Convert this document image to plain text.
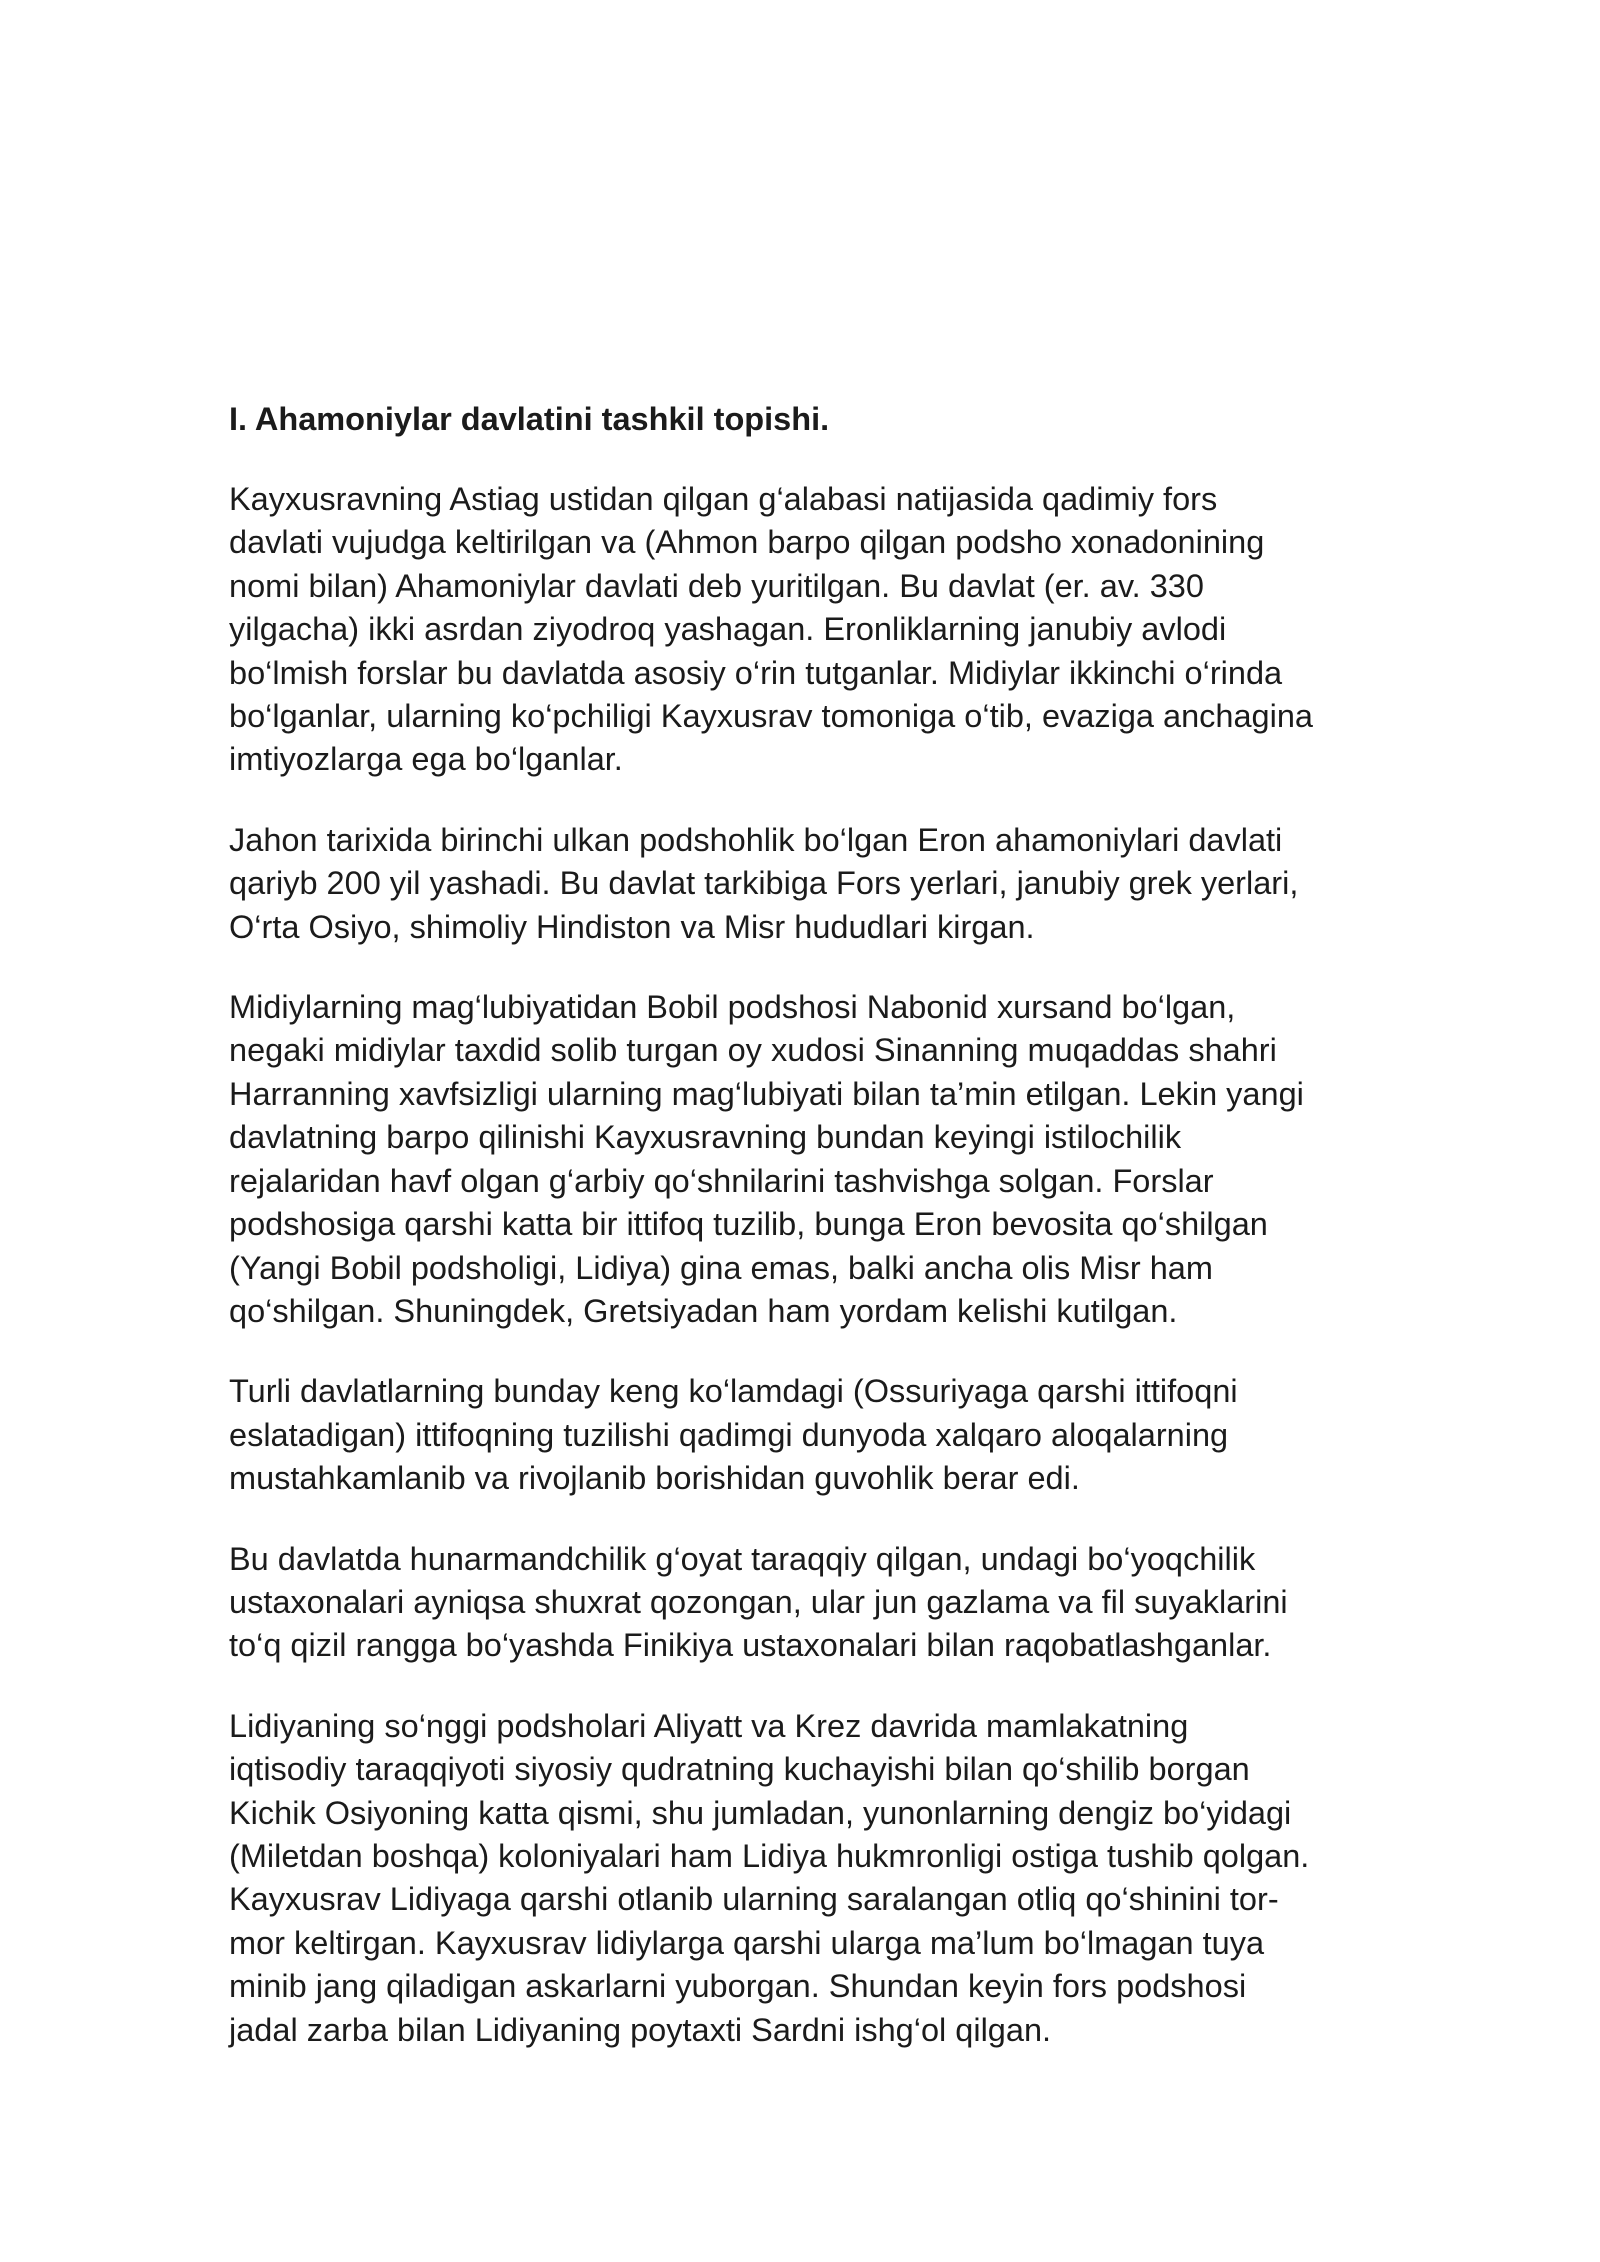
I. Ahamoniylar davlatini tashkil topishi.
Kayxusravning Astiag ustidan qilgan g‘alabasi natijasida qadimiy fors
davlati vujudga keltirilgan va (Ahmon barpo qilgan podsho xonadonining
nomi bilan) Ahamoniylar davlati deb yuritilgan. Bu davlat (er. av. 330
yilgacha) ikki asrdan ziyodroq yashagan. Eronliklarning janubiy avlodi
bo‘lmish forslar bu davlatda asosiy o‘rin tutganlar. Midiylar ikkinchi o‘rinda
bo‘lganlar, ularning ko‘pchiligi Kayxusrav tomoniga o‘tib, evaziga anchagina
imtiyozlarga ega bo‘lganlar.
Jahon tarixida birinchi ulkan podshohlik bo‘lgan Eron ahamoniylari davlati
qariyb 200 yil yashadi. Bu davlat tarkibiga Fors yerlari, janubiy grek yerlari,
O‘rta Osiyo, shimoliy Hindiston va Misr hududlari kirgan.
Midiylarning mag‘lubiyatidan Bobil podshosi Nabonid xursand bo‘lgan,
negaki midiylar taxdid solib turgan oy xudosi Sinanning muqaddas shahri
Harranning xavfsizligi ularning mag‘lubiyati bilan ta’min etilgan. Lekin yangi
davlatning barpo qilinishi Kayxusravning bundan keyingi istilochilik
rejalaridan havf olgan g‘arbiy qo‘shnilarini tashvishga solgan. Forslar
podshosiga qarshi katta bir ittifoq tuzilib, bunga Eron bevosita qo‘shilgan
(Yangi Bobil podsholigi, Lidiya) gina emas, balki ancha olis Misr ham
qo‘shilgan. Shuningdek, Gretsiyadan ham yordam kelishi kutilgan.
Turli davlatlarning bunday keng ko‘lamdagi (Ossuriyaga qarshi ittifoqni
eslatadigan) ittifoqning tuzilishi qadimgi dunyoda xalqaro aloqalarning
mustahkamlanib va rivojlanib borishidan guvohlik berar edi.
Bu davlatda hunarmandchilik g‘oyat taraqqiy qilgan, undagi bo‘yoqchilik
ustaxonalari ayniqsa shuxrat qozongan, ular jun gazlama va fil suyaklarini
to‘q qizil rangga bo‘yashda Finikiya ustaxonalari bilan raqobatlashganlar.
Lidiyaning so‘nggi podsholari Aliyatt va Krez davrida mamlakatning
iqtisodiy taraqqiyoti siyosiy qudratning kuchayishi bilan qo‘shilib borgan
Kichik Osiyoning katta qismi, shu jumladan, yunonlarning dengiz bo‘yidagi
(Miletdan boshqa) koloniyalari ham Lidiya hukmronligi ostiga tushib qolgan.
Kayxusrav Lidiyaga qarshi otlanib ularning saralangan otliq qo‘shinini tor-
mor keltirgan. Kayxusrav lidiylarga qarshi ularga ma’lum bo‘lmagan tuya
minib jang qiladigan askarlarni yuborgan. Shundan keyin fors podshosi
jadal zarba bilan Lidiyaning poytaxti Sardni ishg‘ol qilgan.
